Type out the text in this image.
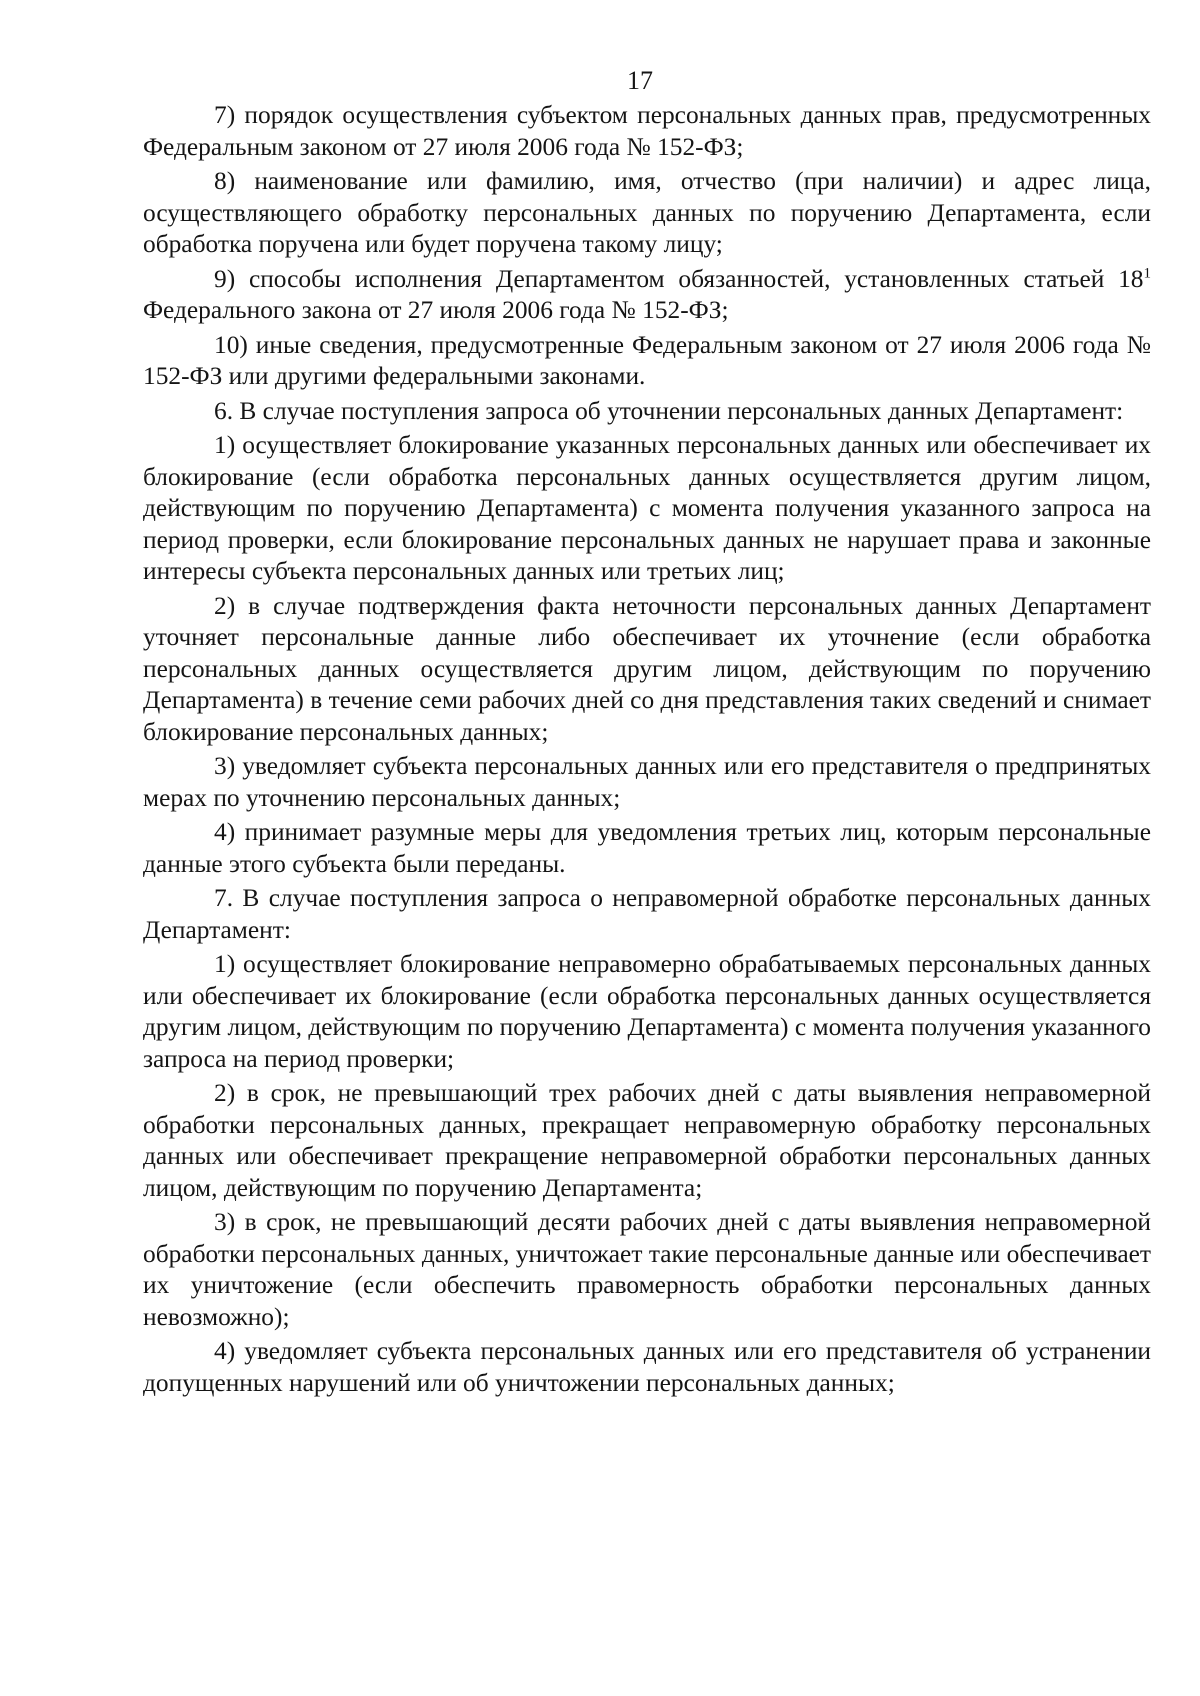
17

7) порядок осуществления субъектом персональных данных прав, предусмотренных Федеральным законом от 27 июля 2006 года № 152-ФЗ;

8) наименование или фамилию, имя, отчество (при наличии) и адрес лица, осуществляющего обработку персональных данных по поручению Департамента, если обработка поручена или будет поручена такому лицу;

9) способы исполнения Департаментом обязанностей, установленных статьей $18^1$ Федерального закона от 27 июля 2006 года № 152-ФЗ;

10) иные сведения, предусмотренные Федеральным законом от 27 июля 2006 года № 152-ФЗ или другими федеральными законами.

6. В случае поступления запроса об уточнении персональных данных Департамент:

1) осуществляет блокирование указанных персональных данных или обеспечивает их блокирование (если обработка персональных данных осуществляется другим лицом, действующим по поручению Департамента) с момента получения указанного запроса на период проверки, если блокирование персональных данных не нарушает права и законные интересы субъекта персональных данных или третьих лиц;

2) в случае подтверждения факта неточности персональных данных Департамент уточняет персональные данные либо обеспечивает их уточнение (если обработка персональных данных осуществляется другим лицом, действующим по поручению Департамента) в течение семи рабочих дней со дня представления таких сведений и снимает блокирование персональных данных;

3) уведомляет субъекта персональных данных или его представителя о предпринятых мерах по уточнению персональных данных;

4) принимает разумные меры для уведомления третьих лиц, которым персональные данные этого субъекта были переданы.

7. В случае поступления запроса о неправомерной обработке персональных данных Департамент:

1) осуществляет блокирование неправомерно обрабатываемых персональных данных или обеспечивает их блокирование (если обработка персональных данных осуществляется другим лицом, действующим по поручению Департамента) с момента получения указанного запроса на период проверки;

2) в срок, не превышающий трех рабочих дней с даты выявления неправомерной обработки персональных данных, прекращает неправомерную обработку персональных данных или обеспечивает прекращение неправомерной обработки персональных данных лицом, действующим по поручению Департамента;

3) в срок, не превышающий десяти рабочих дней с даты выявления неправомерной обработки персональных данных, уничтожает такие персональные данные или обеспечивает их уничтожение (если обеспечить правомерность обработки персональных данных невозможно);

4) уведомляет субъекта персональных данных или его представителя об устранении допущенных нарушений или об уничтожении персональных данных;
